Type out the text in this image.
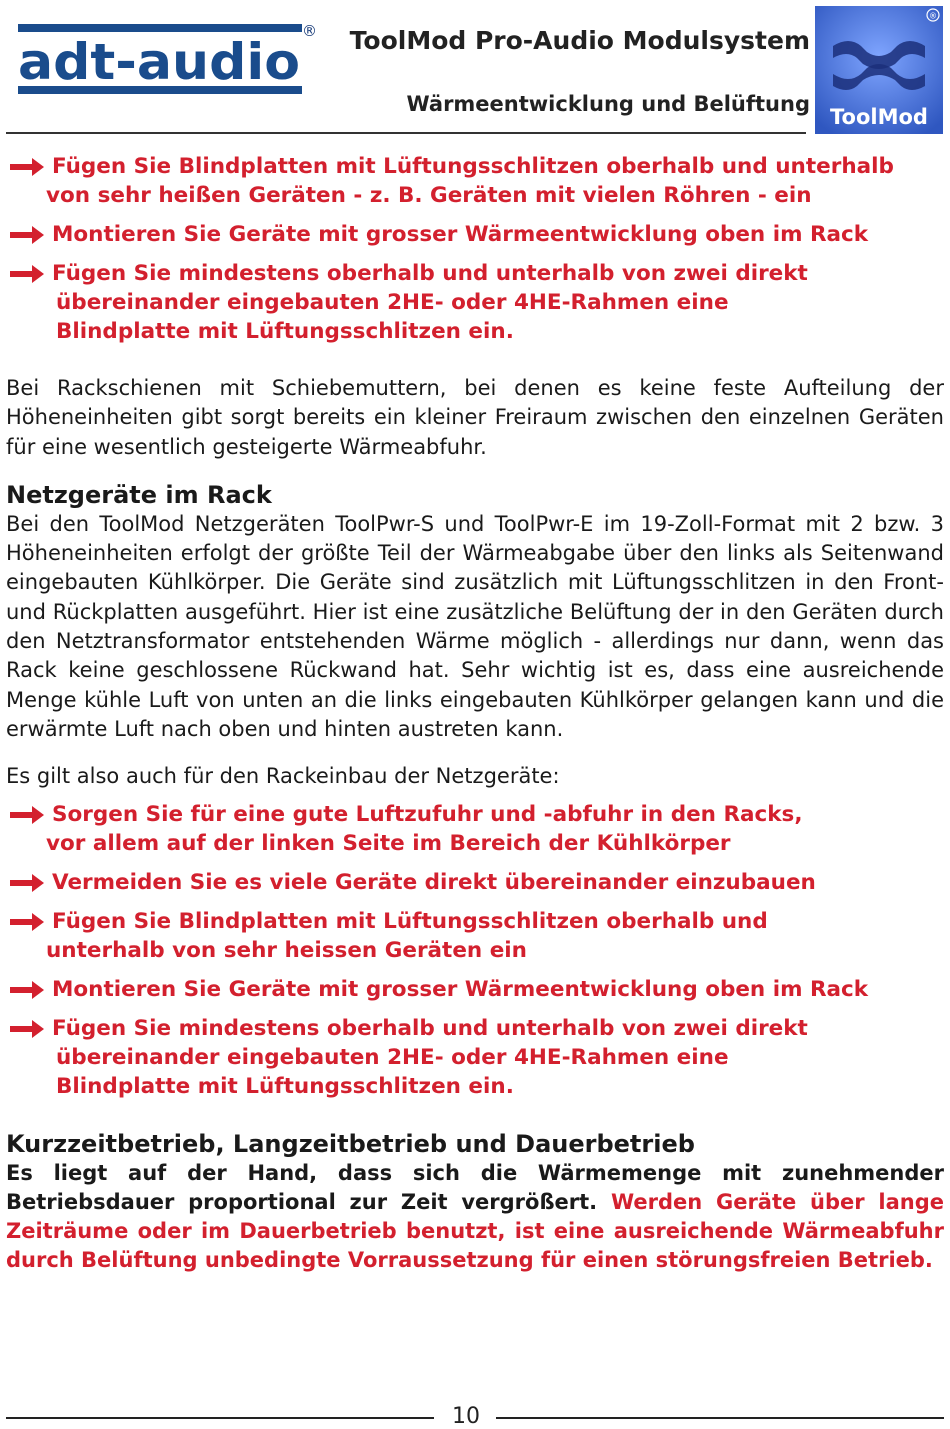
adt-audio
® ToolMod Pro-Audio Modulsystem
Wärmeentwicklung und Belüftung
®
ToolMod
Fügen Sie Blindplatten mit Lüftungsschlitzen oberhalb und unterhalb
von sehr heißen Geräten - z. B. Geräten mit vielen Röhren - ein
Montieren Sie Geräte mit grosser Wärmeentwicklung oben im Rack
Fügen Sie mindestens oberhalb und unterhalb von zwei direkt
übereinander eingebauten 2HE- oder 4HE-Rahmen eine
Blindplatte mit Lüftungsschlitzen ein.

Bei Rackschienen mit Schiebemuttern, bei denen es keine feste Aufteilung der Höheneinheiten gibt sorgt bereits ein kleiner Freiraum zwischen den einzelnen Geräten für eine wesentlich gesteigerte Wärmeabfuhr.

Netzgeräte im Rack

Bei den ToolMod Netzgeräten ToolPwr-S und ToolPwr-E im 19-Zoll-Format mit 2 bzw. 3 Höheneinheiten erfolgt der größte Teil der Wärmeabgabe über den links als Seitenwand eingebauten Kühlkörper. Die Geräte sind zusätzlich mit Lüftungsschlitzen in den Front- und Rückplatten ausgeführt. Hier ist eine zusätzliche Belüftung der in den Geräten durch den Netztransformator entstehenden Wärme möglich - allerdings nur dann, wenn das Rack keine geschlossene Rückwand hat. Sehr wichtig ist es, dass eine ausreichende Menge kühle Luft von unten an die links eingebauten Kühlkörper gelangen kann und die erwärmte Luft nach oben und hinten austreten kann.

Es gilt also auch für den Rackeinbau der Netzgeräte:

Sorgen Sie für eine gute Luftzufuhr und -abfuhr in den Racks,
vor allem auf der linken Seite im Bereich der Kühlkörper
Vermeiden Sie es viele Geräte direkt übereinander einzubauen
Fügen Sie Blindplatten mit Lüftungsschlitzen oberhalb und
unterhalb von sehr heissen Geräten ein
Montieren Sie Geräte mit grosser Wärmeentwicklung oben im Rack
Fügen Sie mindestens oberhalb und unterhalb von zwei direkt
übereinander eingebauten 2HE- oder 4HE-Rahmen eine
Blindplatte mit Lüftungsschlitzen ein.
Kurzzeitbetrieb, Langzeitbetrieb und Dauerbetrieb

Es liegt auf der Hand, dass sich die Wärmemenge mit zunehmender Betriebsdauer proportional zur Zeit vergrößert. Werden Geräte über lange Zeiträume oder im Dauerbetrieb benutzt, ist eine ausreichende Wärmeabfuhr durch Belüftung unbedingte Vorraussetzung für einen störungsfreien Betrieb.

10
